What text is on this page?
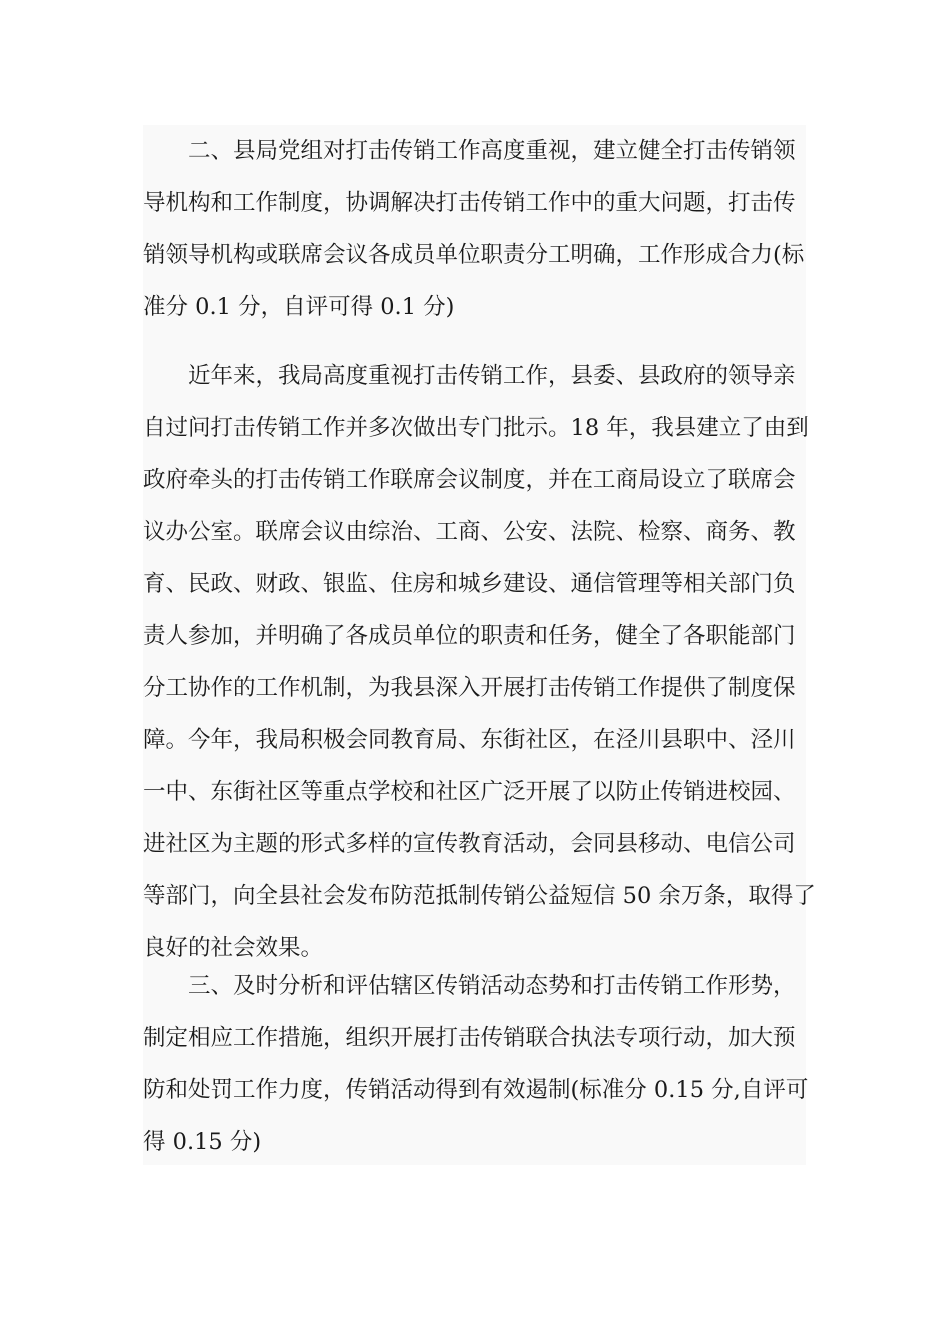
二、县局党组对打击传销工作高度重视，建立健全打击传销领
导机构和工作制度，协调解决打击传销工作中的重大问题，打击传
销领导机构或联席会议各成员单位职责分工明确，工作形成合力(标
准分 0.1 分，自评可得 0.1 分)
近年来，我局高度重视打击传销工作，县委、县政府的领导亲
自过问打击传销工作并多次做出专门批示。18 年，我县建立了由到
政府牵头的打击传销工作联席会议制度，并在工商局设立了联席会
议办公室。联席会议由综治、工商、公安、法院、检察、商务、教
育、民政、财政、银监、住房和城乡建设、通信管理等相关部门负
责人参加，并明确了各成员单位的职责和任务，健全了各职能部门
分工协作的工作机制，为我县深入开展打击传销工作提供了制度保
障。今年，我局积极会同教育局、东街社区，在泾川县职中、泾川
一中、东街社区等重点学校和社区广泛开展了以防止传销进校园、
进社区为主题的形式多样的宣传教育活动，会同县移动、电信公司
等部门，向全县社会发布防范抵制传销公益短信 50 余万条，取得了
良好的社会效果。
三、及时分析和评估辖区传销活动态势和打击传销工作形势，
制定相应工作措施，组织开展打击传销联合执法专项行动，加大预
防和处罚工作力度，传销活动得到有效遏制(标准分 0.15 分,自评可
得 0.15 分)
